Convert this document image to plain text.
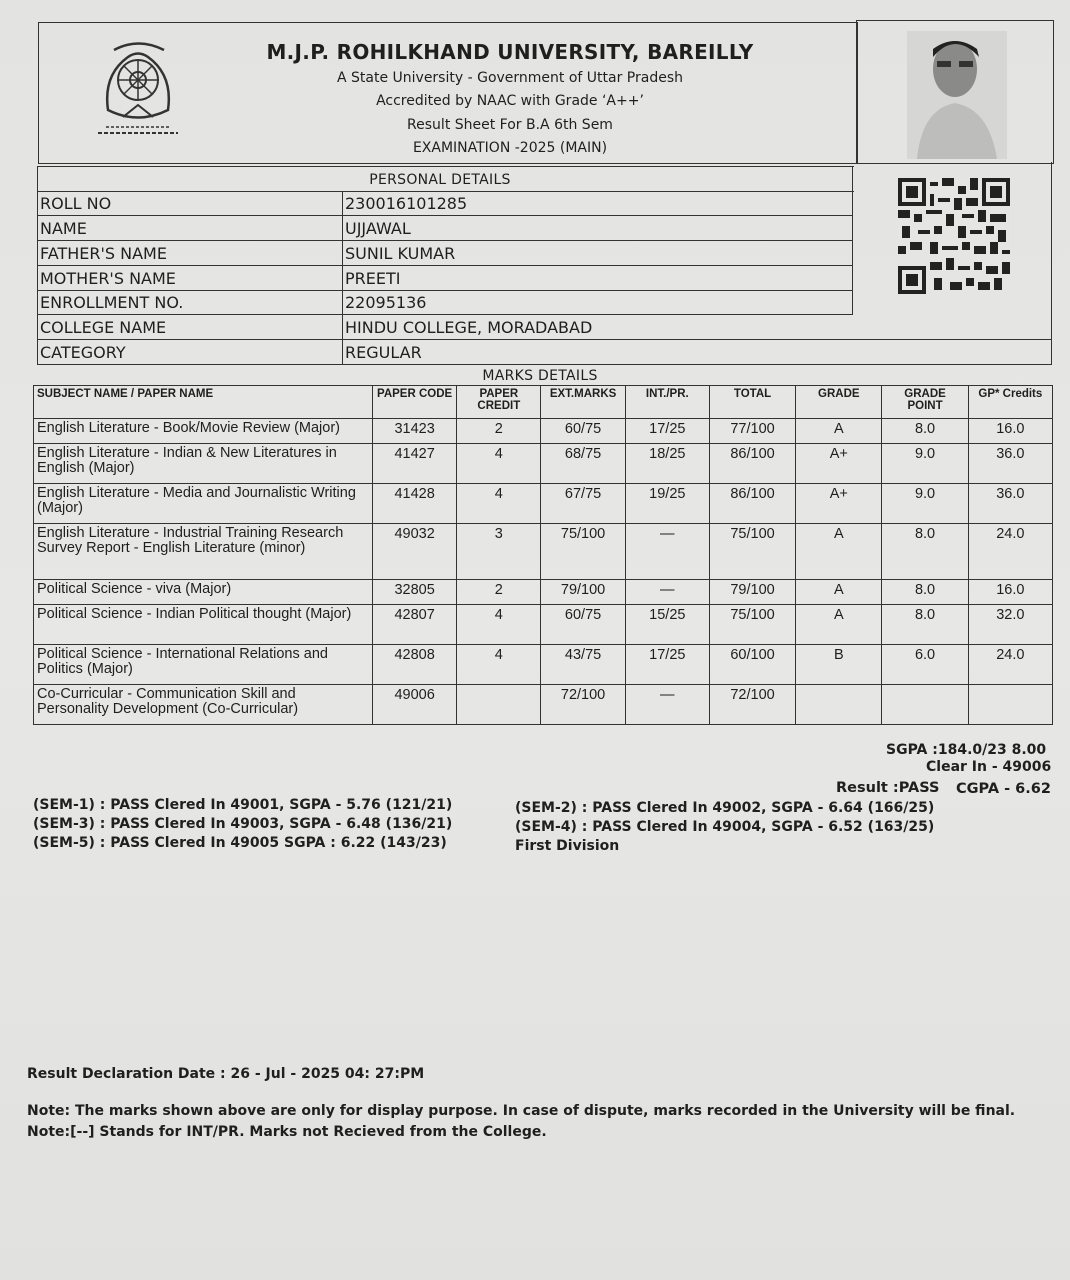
M.J.P. ROHILKHAND UNIVERSITY, BAREILLY
A State University - Government of Uttar Pradesh
Accredited by NAAC with Grade ‘A++’
Result Sheet For B.A 6th Sem
EXAMINATION -2025 (MAIN)
PERSONAL DETAILS
ROLL NO	230016101285
NAME	UJJAWAL
FATHER'S NAME	SUNIL KUMAR
MOTHER'S NAME	PREETI
ENROLLMENT NO.	22095136
COLLEGE NAME	HINDU COLLEGE, MORADABAD
CATEGORY	REGULAR
MARKS DETAILS
SUBJECT NAME / PAPER NAME	PAPER CODE	PAPER CREDIT	EXT.MARKS	INT./PR.	TOTAL	GRADE	GRADE POINT	GP* Credits
English Literature - Book/Movie Review (Major)	31423	2	60/75	17/25	77/100	A	8.0	16.0
English Literature - Indian & New Literatures in English (Major)	41427	4	68/75	18/25	86/100	A+	9.0	36.0
English Literature - Media and Journalistic Writing (Major)	41428	4	67/75	19/25	86/100	A+	9.0	36.0
English Literature - Industrial Training Research Survey Report - English Literature (minor)	49032	3	75/100	—	75/100	A	8.0	24.0
Political Science - viva (Major)	32805	2	79/100	—	79/100	A	8.0	16.0
Political Science - Indian Political thought (Major)	42807	4	60/75	15/25	75/100	A	8.0	32.0
Political Science - International Relations and Politics (Major)	42808	4	43/75	17/25	60/100	B	6.0	24.0
Co-Curricular - Communication Skill and Personality Development (Co-Curricular)	49006		72/100	—	72/100			
SGPA :184.0/23 8.00
Clear In - 49006
Result :PASS CGPA - 6.62
(SEM-1) : PASS Clered In 49001, SGPA - 5.76 (121/21)
(SEM-3) : PASS Clered In 49003, SGPA - 6.48 (136/21)
(SEM-5) : PASS Clered In 49005 SGPA : 6.22 (143/23)
(SEM-2) : PASS Clered In 49002, SGPA - 6.64 (166/25)
(SEM-4) : PASS Clered In 49004, SGPA - 6.52 (163/25)
First Division
Result Declaration Date : 26 - Jul - 2025 04: 27:PM
Note: The marks shown above are only for display purpose. In case of dispute, marks recorded in the University will be final.
Note:[--] Stands for INT/PR. Marks not Recieved from the College.
